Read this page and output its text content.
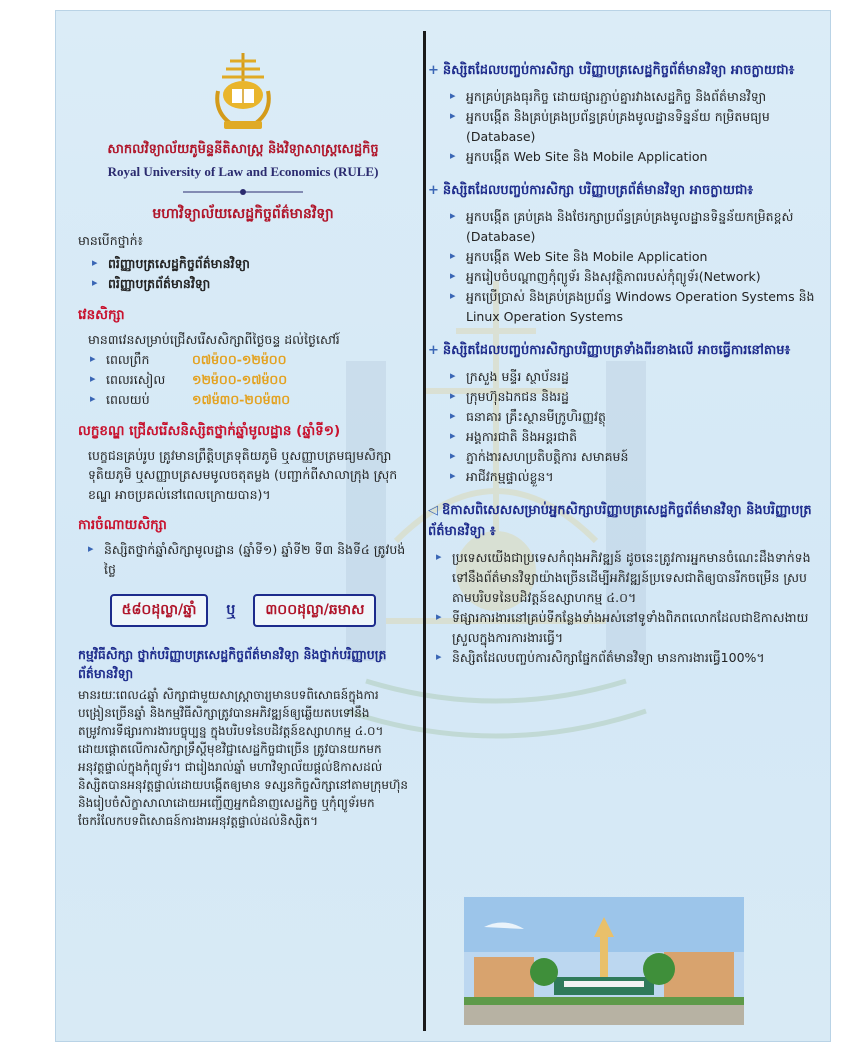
សាកលវិទ្យាល័យភូមិន្ទនីតិសាស្ត្រ និងវិទ្យាសាស្ត្រសេដ្ឋកិច្ច
Royal University of Law and Economics (RULE)
មហាវិទ្យាល័យសេដ្ឋកិច្ចព័ត៌មានវិទ្យា
មានបើកថ្នាក់៖
▸ ពរិញ្ញាបត្រសេដ្ឋកិច្ចព័ត៌មានវិទ្យា
▸ ពរិញ្ញាបត្រព័ត៌មានវិទ្យា
វេនសិក្សា
មាន៣វេនសម្រាប់ជ្រើសរើសសិក្សាពីថ្ងៃចន្ទ ដល់ថ្ងៃសៅរ៍
▸ ពេលព្រឹក	០៧ម៉០០-១២ម៉០០
▸ ពេលរសៀល	១២ម៉០០-១៧ម៉០០
▸ ពេលយប់	១៧ម៉៣០-២០ម៉៣០
លក្ខខណ្ឌ ជ្រើសរើសនិស្សិតថ្នាក់ឆ្នាំមូលដ្ឋាន (ឆ្នាំទី១)
បេក្ខជនគ្រប់រូប ត្រូវមានព្រឹត្តិបត្រទុតិយភូមិ ឬសញ្ញាបត្រមធ្យមសិក្សាទុតិយភូមិ ឬសញ្ញាបត្រសមមូលចតុតម្លង (បញ្ជាក់ពីសាលាក្រុង ស្រុក ខណ្ឌ អាចប្រគល់នៅពេលក្រោយបាន)។
ការចំណាយសិក្សា
▸ និស្សិតថ្នាក់ឆ្នាំសិក្សាមូលដ្ឋាន (ឆ្នាំទី១) ឆ្នាំទី២ ទី៣ និងទី៤ ត្រូវបង់ថ្លៃ
៥៨០ដុល្លា/ឆ្នាំ	ឬ	៣០០ដុល្លា/ឆមាស
កម្មវិធីសិក្សា ថ្នាក់បរិញ្ញាបត្រសេដ្ឋកិច្ចព័ត៌មានវិទ្យា និងថ្នាក់បរិញ្ញាបត្រព័ត៌មានវិទ្យា
មានរយៈពេល៤ឆ្នាំ សិក្សាជាមួយសាស្ត្រាចារ្យមានបទពិសោធន៍ក្នុងការបង្រៀនច្រើនឆ្នាំ និងកម្មវិធីសិក្សាត្រូវបានអភិវឌ្ឍន៍ឲ្យឆ្លើយតបទៅនឹងតម្រូវការទីផ្សារការងារបច្ចុប្បន្ន ក្នុងបរិបទនៃបដិវត្តន៍ឧស្សាហកម្ម ៤.០។ ដោយផ្តោតលើការសិក្សាទ្រឹស្តីមុខវិជ្ជាសេដ្ឋកិច្ចជាច្រើន ត្រូវបានយកមកអនុវត្តផ្ទាល់ក្នុងកុំព្យូទ័រ។ ជារៀងរាល់ឆ្នាំ មហាវិទ្យាល័យផ្តល់ឱកាសដល់និស្សិតបានអនុវត្តផ្ទាល់ដោយបង្កើតឲ្យមាន ទស្សនកិច្ចសិក្សានៅតាមក្រុមហ៊ុន និងរៀបចំសិក្ខាសាលាដោយអញ្ជើញអ្នកជំនាញសេដ្ឋកិច្ច ឬកុំព្យូទ័រមកចែករំលែកបទពិសោធន៍ការងារអនុវត្តផ្ទាល់ដល់និស្សិត។
+ និស្សិតដែលបញ្ចប់ការសិក្សា បរិញ្ញាបត្រសេដ្ឋកិច្ចព័ត៌មានវិទ្យា អាចក្លាយជា៖
▸ អ្នកគ្រប់គ្រងធុរកិច្ច ដោយផ្សារភ្ជាប់គ្នារវាងសេដ្ឋកិច្ច និងព័ត៌មានវិទ្យា
▸ អ្នកបង្កើត និងគ្រប់គ្រងប្រព័ន្ធគ្រប់គ្រងមូលដ្ឋានទិន្នន័យ កម្រិតមធ្យម (Database)
▸ អ្នកបង្កើត Web Site និង Mobile Application
+ និស្សិតដែលបញ្ចប់ការសិក្សា បរិញ្ញាបត្រព័ត៌មានវិទ្យា អាចក្លាយជា៖
▸ អ្នកបង្កើត គ្រប់គ្រង និងថែរក្សាប្រព័ន្ធគ្រប់គ្រងមូលដ្ឋានទិន្នន័យកម្រិតខ្ពស់ (Database)
▸ អ្នកបង្កើត Web Site និង Mobile Application
▸ អ្នករៀបចំបណ្តាញកុំព្យូទ័រ និងសុវត្ថិភាពរបស់កុំព្យូទ័រ(Network)
▸ អ្នកប្រើប្រាស់ និងគ្រប់គ្រងប្រព័ន្ធ Windows Operation Systems និង Linux Operation Systems
+ និស្សិតដែលបញ្ចប់ការសិក្សាបរិញ្ញាបត្រទាំងពីរខាងលើ អាចធ្វើការនៅតាម៖
▸ ក្រសួង មន្ទីរ ស្ថាប័នរដ្ឋ
▸ ក្រុមហ៊ុនឯកជន និងរដ្ឋ
▸ ធនាគារ គ្រឹះស្ថានមីក្រូហិរញ្ញវត្ថុ
▸ អង្គការជាតិ និងអន្តរជាតិ
▸ ភ្នាក់ងារសហប្រតិបត្តិការ សមាគមន៍
▸ អាជីវកម្មផ្ទាល់ខ្លួន។
◁ ឱកាសពិសេសសម្រាប់អ្នកសិក្សាបរិញ្ញាបត្រសេដ្ឋកិច្ចព័ត៌មានវិទ្យា និងបរិញ្ញាបត្រព័ត៌មានវិទ្យា ៖
▸ ប្រទេសយើងជាប្រទេសកំពុងអភិវឌ្ឍន៍ ដូចនេះត្រូវការអ្នកមានចំណេះដឹងទាក់ទងទៅនឹងព័ត៌មានវិទ្យាយ៉ាងច្រើនដើម្បីអភិវឌ្ឍន៍ប្រទេសជាតិឲ្យបានរីកចម្រើន ស្របតាមបរិបទនៃបដិវត្តន៍ឧស្សាហកម្ម ៤.០។
▸ ទីផ្សារការងារនៅគ្រប់ទីកន្លែងទាំងអស់នៅទូទាំងពិភពលោកដែលជាឱកាសងាយស្រួលក្នុងការការងារធ្វើ។
▸ និស្សិតដែលបញ្ចប់ការសិក្សាផ្នែកព័ត៌មានវិទ្យា មានការងារធ្វើ100%។
